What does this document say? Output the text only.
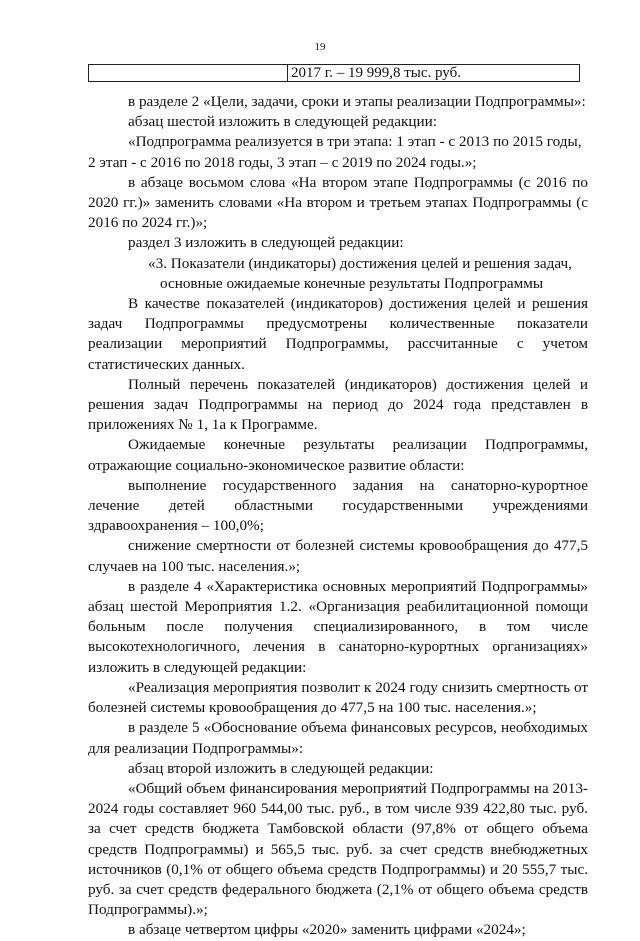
19
2017 г. – 19 999,8 тыс. руб.

в разделе 2 «Цели, задачи, сроки и этапы реализации Подпрограммы»:

абзац шестой изложить в следующей редакции:

«Подпрограмма реализуется в три этапа: 1 этап - с 2013 по 2015 годы,

2 этап - с 2016 по 2018 годы, 3 этап – с 2019 по 2024 годы.»;

в абзаце восьмом слова «На втором этапе Подпрограммы (с 2016 по 2020 гг.)» заменить словами «На втором и третьем этапах Подпрограммы (с 2016 по 2024 гг.)»;

раздел 3 изложить в следующей редакции:

«3. Показатели (индикаторы) достижения целей и решения задач,

основные ожидаемые конечные результаты Подпрограммы

В качестве показателей (индикаторов) достижения целей и решения задач Подпрограммы предусмотрены количественные показатели реализации мероприятий Подпрограммы, рассчитанные с учетом статистических данных.

Полный перечень показателей (индикаторов) достижения целей и решения задач Подпрограммы на период до 2024 года представлен в приложениях № 1, 1а к Программе.

Ожидаемые конечные результаты реализации Подпрограммы, отражающие социально-экономическое развитие области:

выполнение государственного задания на санаторно-курортное лечение детей областными государственными учреждениями здравоохранения – 100,0%;

снижение смертности от болезней системы кровообращения до 477,5 случаев на 100 тыс. населения.»;

в разделе 4 «Характеристика основных мероприятий Подпрограммы» абзац шестой Мероприятия 1.2. «Организация реабилитационной помощи больным после получения специализированного, в том числе высокотехнологичного, лечения в санаторно-курортных организациях» изложить в следующей редакции:

«Реализация мероприятия позволит к 2024 году снизить смертность от болезней системы кровообращения до 477,5 на 100 тыс. населения.»;

в разделе 5 «Обоснование объема финансовых ресурсов, необходимых для реализации Подпрограммы»:

абзац второй изложить в следующей редакции:

«Общий объем финансирования мероприятий Подпрограммы на 2013-2024 годы составляет 960 544,00 тыс. руб., в том числе 939 422,80 тыс. руб. за счет средств бюджета Тамбовской области (97,8% от общего объема средств Подпрограммы) и 565,5 тыс. руб. за счет средств внебюджетных источников (0,1% от общего объема средств Подпрограммы) и 20 555,7 тыс. руб. за счет средств федерального бюджета (2,1% от общего объема средств Подпрограммы).»;

в абзаце четвертом цифры «2020» заменить цифрами «2024»;
